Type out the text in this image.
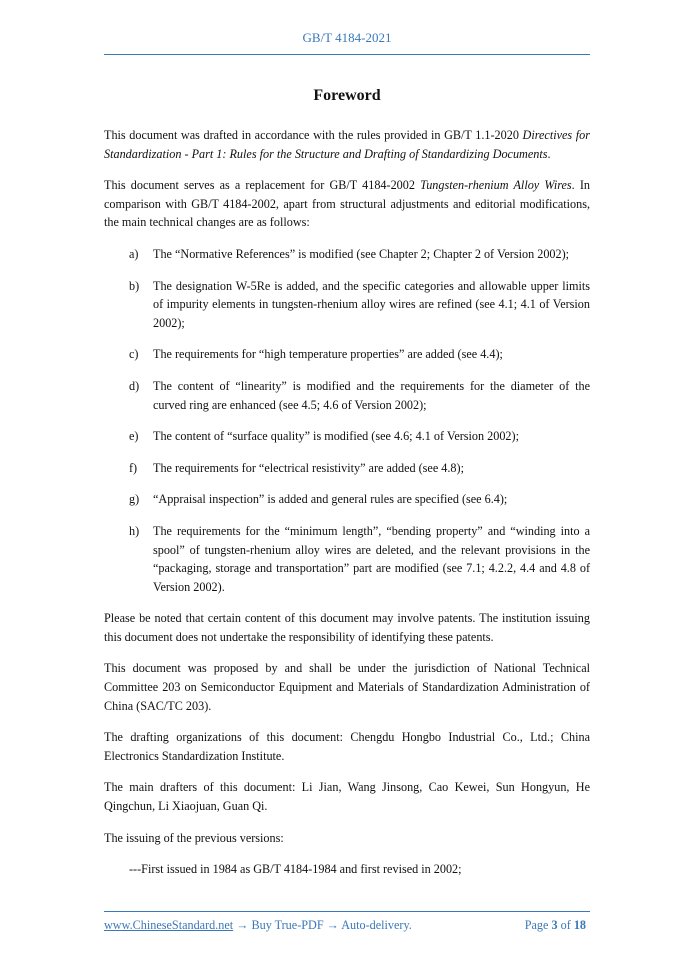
GB/T 4184-2021
Foreword

This document was drafted in accordance with the rules provided in GB/T 1.1-2020 Directives for Standardization - Part 1: Rules for the Structure and Drafting of Standardizing Documents.

This document serves as a replacement for GB/T 4184-2002 Tungsten-rhenium Alloy Wires. In comparison with GB/T 4184-2002, apart from structural adjustments and editorial modifications, the main technical changes are as follows:

a)	The “Normative References” is modified (see Chapter 2; Chapter 2 of Version 2002);
b)	The designation W-5Re is added, and the specific categories and allowable upper limits of impurity elements in tungsten-rhenium alloy wires are refined (see 4.1; 4.1 of Version 2002);
c)	The requirements for “high temperature properties” are added (see 4.4);
d)	The content of “linearity” is modified and the requirements for the diameter of the curved ring are enhanced (see 4.5; 4.6 of Version 2002);
e)	The content of “surface quality” is modified (see 4.6; 4.1 of Version 2002);
f)	The requirements for “electrical resistivity” are added (see 4.8);
g)	“Appraisal inspection” is added and general rules are specified (see 6.4);
h)	The requirements for the “minimum length”, “bending property” and “winding into a spool” of tungsten-rhenium alloy wires are deleted, and the relevant provisions in the “packaging, storage and transportation” part are modified (see 7.1; 4.2.2, 4.4 and 4.8 of Version 2002).

Please be noted that certain content of this document may involve patents. The institution issuing this document does not undertake the responsibility of identifying these patents.

This document was proposed by and shall be under the jurisdiction of National Technical Committee 203 on Semiconductor Equipment and Materials of Standardization Administration of China (SAC/TC 203).

The drafting organizations of this document: Chengdu Hongbo Industrial Co., Ltd.; China Electronics Standardization Institute.

The main drafters of this document: Li Jian, Wang Jinsong, Cao Kewei, Sun Hongyun, He Qingchun, Li Xiaojuan, Guan Qi.

The issuing of the previous versions:

---First issued in 1984 as GB/T 4184-1984 and first revised in 2002;

www.ChineseStandard.net → Buy True-PDF → Auto-delivery.	Page 3 of 18
